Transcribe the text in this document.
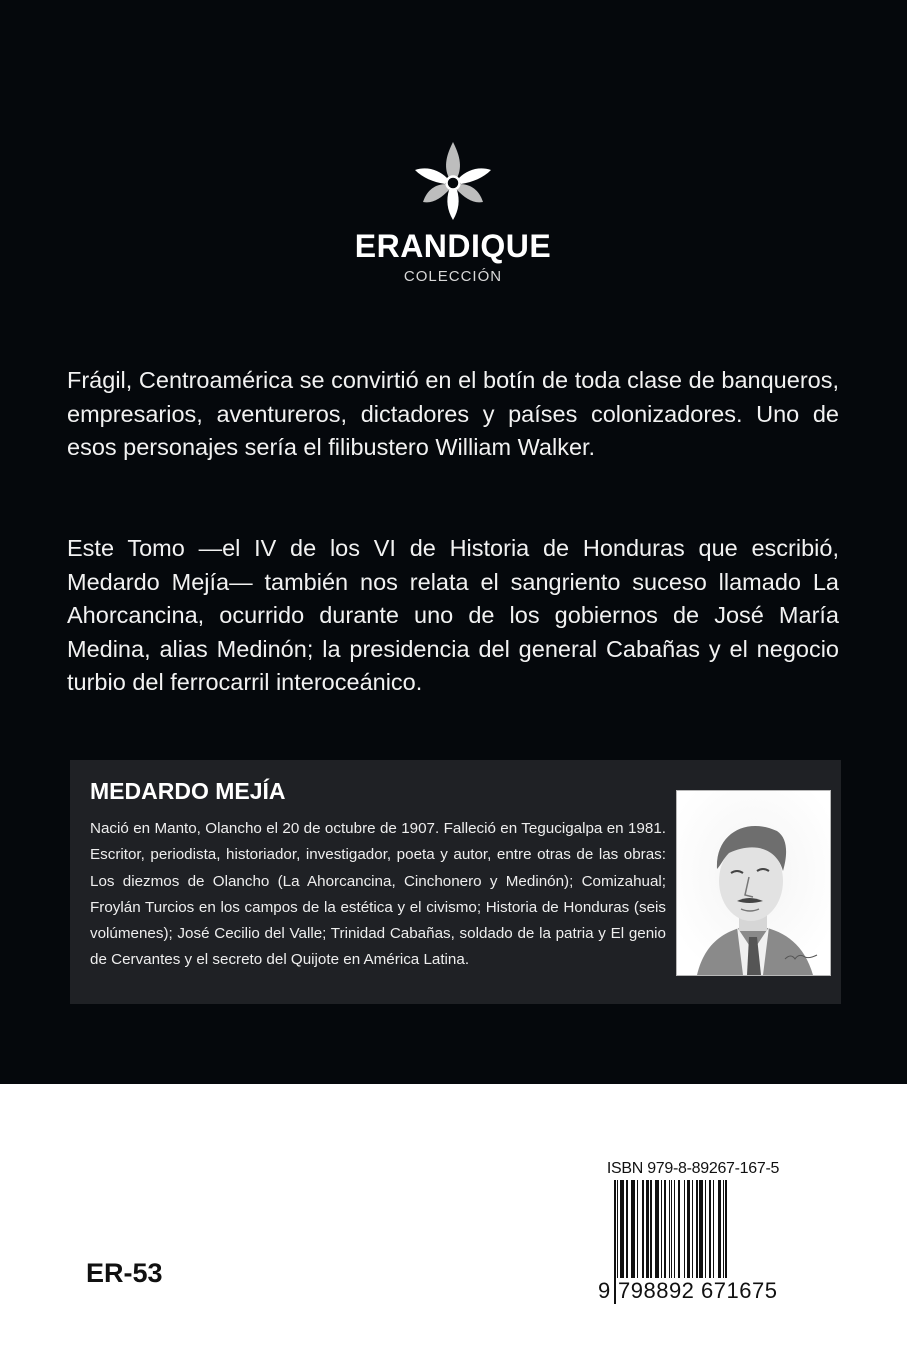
ERANDIQUE
COLECCIÓN

Frágil, Centroamérica se convirtió en el botín de toda clase de banqueros, empresarios, aventureros, dictadores y países colonizadores. Uno de esos personajes sería el filibustero William Walker.

Este Tomo —el IV de los VI de Historia de Honduras que escribió, Medardo Mejía— también nos relata el sangriento suceso llamado La Ahorcancina, ocurrido durante uno de los gobiernos de José María Medina, alias Medinón; la presidencia del general Cabañas y el negocio turbio del ferrocarril interoceánico.

MEDARDO MEJÍA

Nació en Manto, Olancho el 20 de octubre de 1907. Falleció en Tegucigalpa en 1981. Escritor, periodista, historiador, investigador, poeta y autor, entre otras de las obras: Los diezmos de Olancho (La Ahorcancina, Cinchonero y Medinón); Comizahual; Froylán Turcios en los campos de la estética y el civismo; Historia de Honduras (seis volúmenes); José Cecilio del Valle; Trinidad Cabañas, soldado de la patria y El genio de Cervantes y el secreto del Quijote en América Latina.

ER-53
ISBN 979-8-89267-167-5
9 798892 671675
